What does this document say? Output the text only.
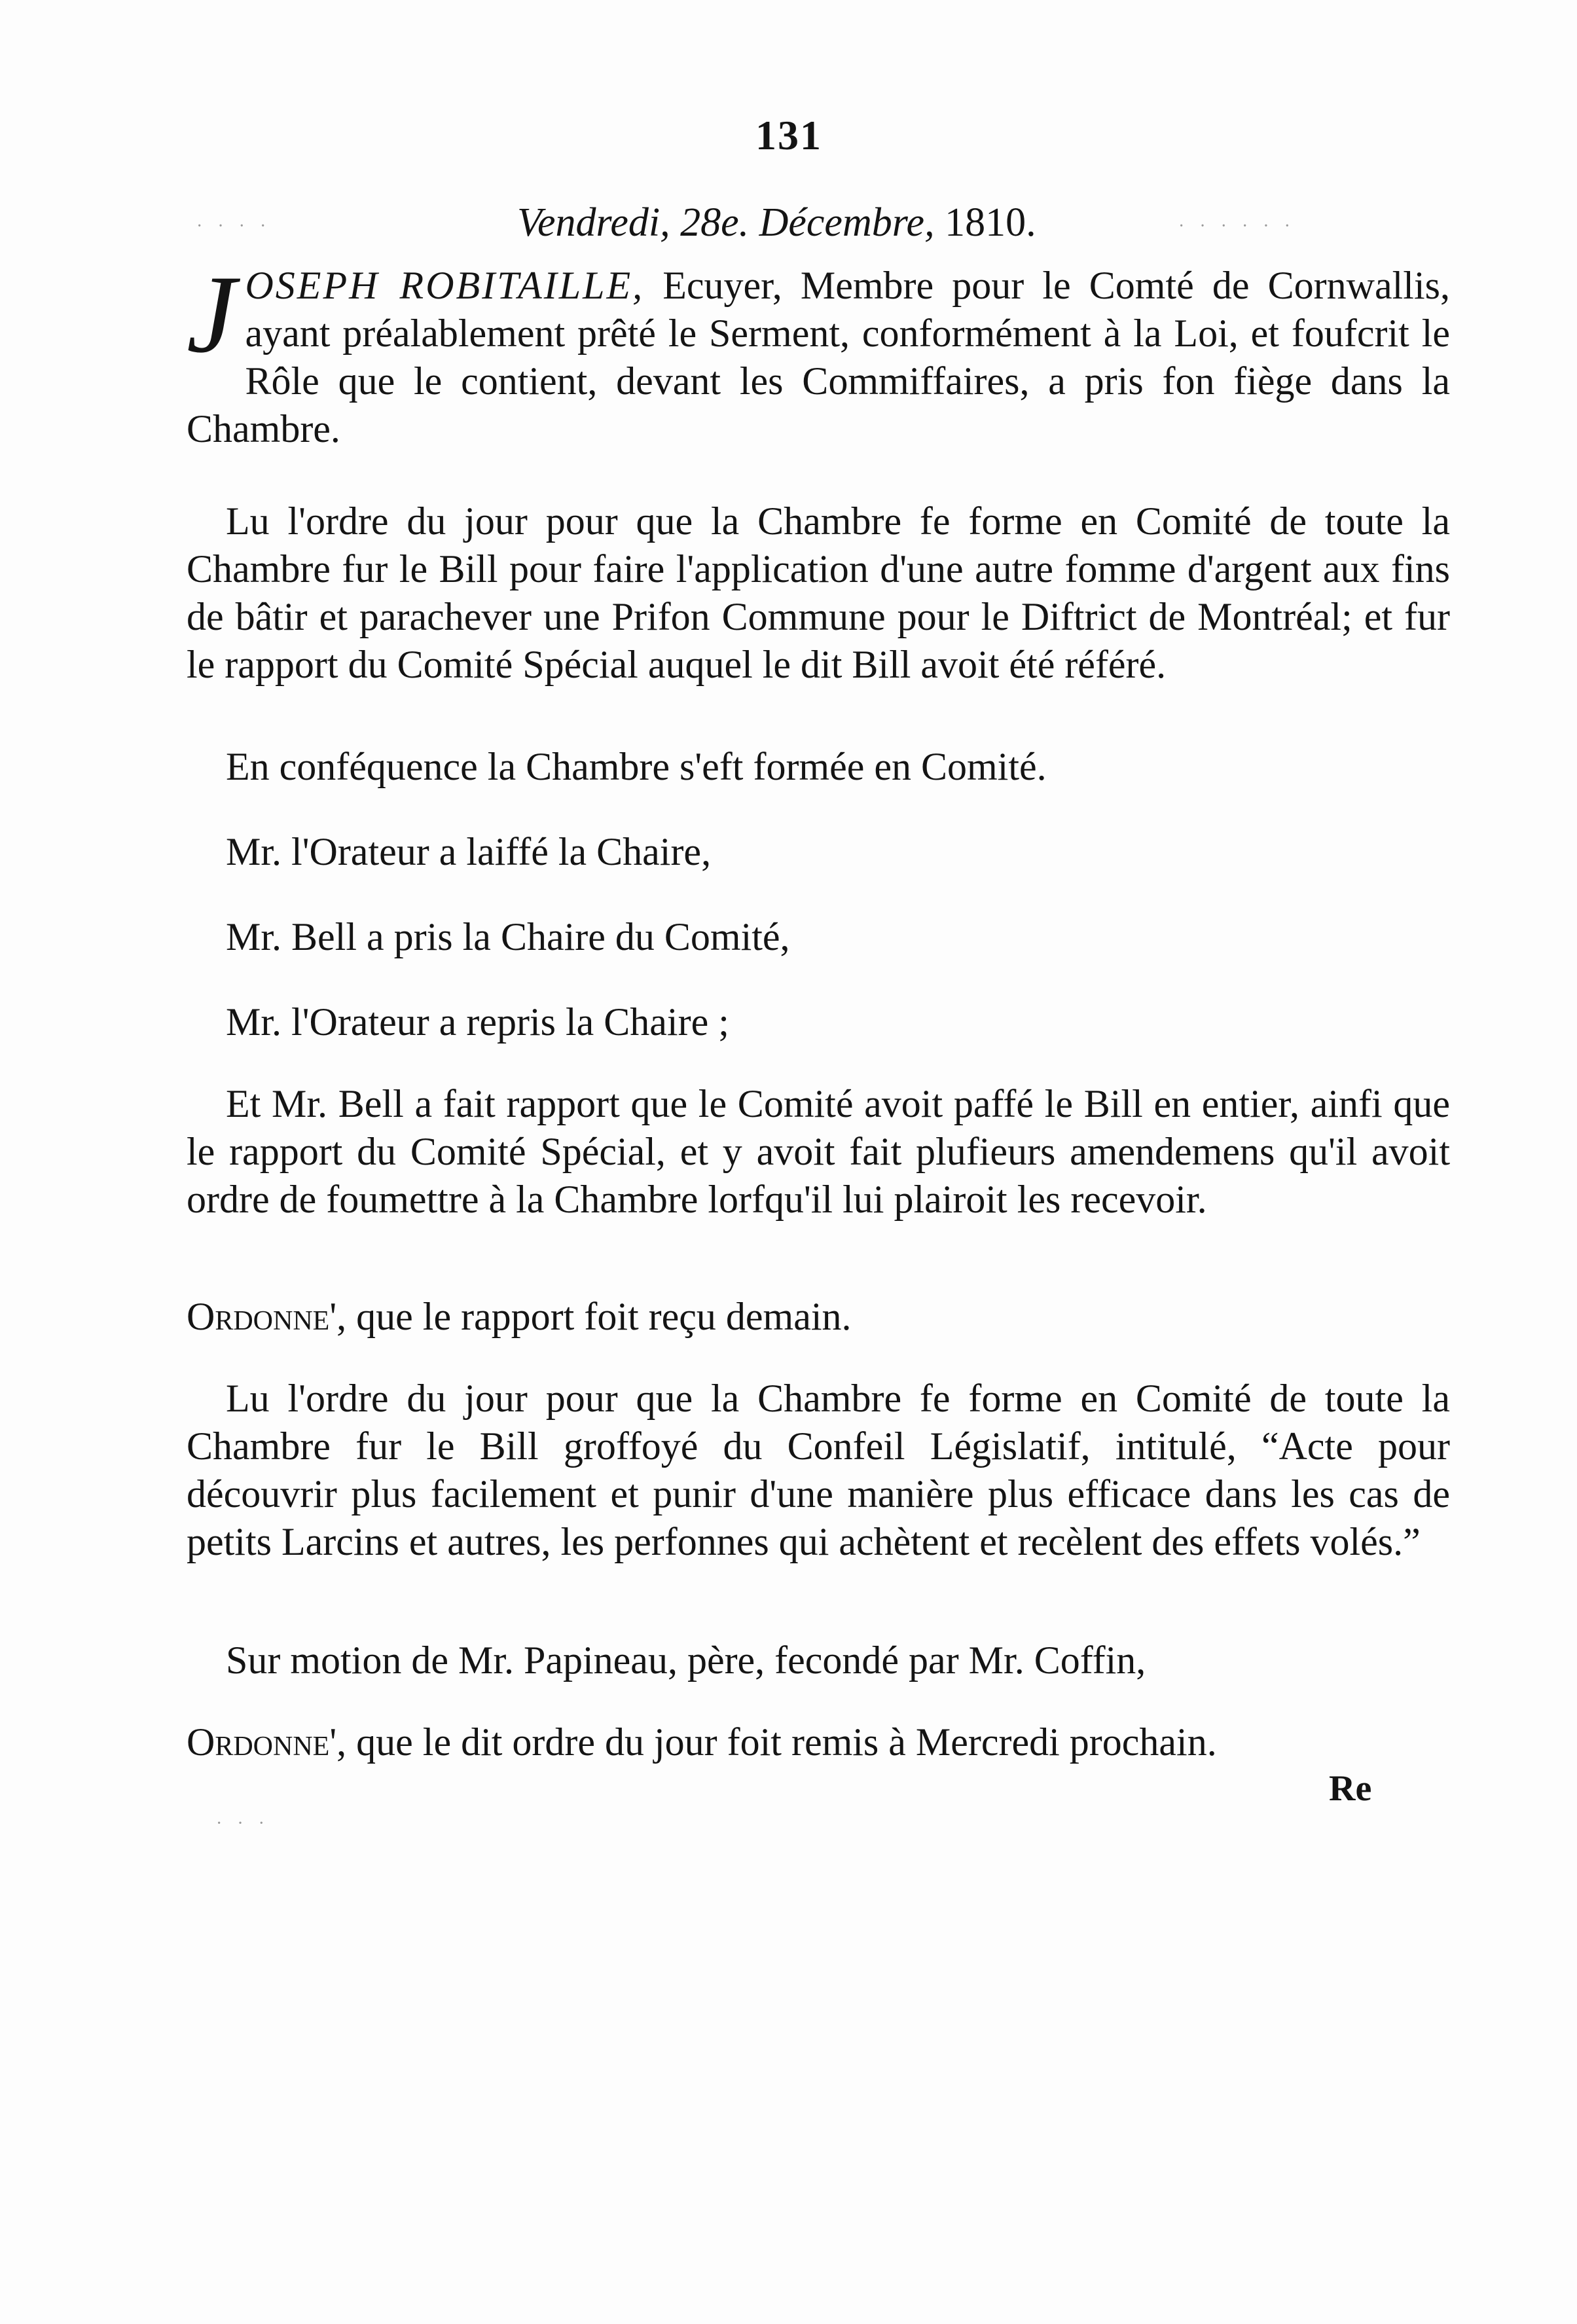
131
Vendredi, 28e. Décembre, 1810.

JOSEPH ROBITAILLE, Ecuyer, Membre pour le Comté de Cornwallis, ayant préalablement prêté le Serment, conformément à la Loi, et foufcrit le Rôle que le contient, devant les Commiffaires, a pris fon fiège dans la Chambre.

Lu l'ordre du jour pour que la Chambre fe forme en Comité de toute la Chambre fur le Bill pour faire l'application d'une autre fomme d'argent aux fins de bâtir et parachever une Prifon Commune pour le Diftrict de Montréal; et fur le rapport du Comité Spécial auquel le dit Bill avoit été référé.

En conféquence la Chambre s'eft formée en Comité.

Mr. l'Orateur a laiffé la Chaire,

Mr. Bell a pris la Chaire du Comité,

Mr. l'Orateur a repris la Chaire ;

Et Mr. Bell a fait rapport que le Comité avoit paffé le Bill en entier, ainfi que le rapport du Comité Spécial, et y avoit fait plufieurs amendemens qu'il avoit ordre de foumettre à la Chambre lorfqu'il lui plairoit les recevoir.

Ordonne', que le rapport foit reçu demain.

Lu l'ordre du jour pour que la Chambre fe forme en Comité de toute la Chambre fur le Bill groffoyé du Confeil Législatif, intitulé, “Acte pour découvrir plus facilement et punir d'une manière plus efficace dans les cas de petits Larcins et autres, les perfonnes qui achètent et recèlent des effets volés.”

Sur motion de Mr. Papineau, père, fecondé par Mr. Coffin,

Ordonne', que le dit ordre du jour foit remis à Mercredi prochain.

Re
· · · ·	· · · · · ·
· · ·
